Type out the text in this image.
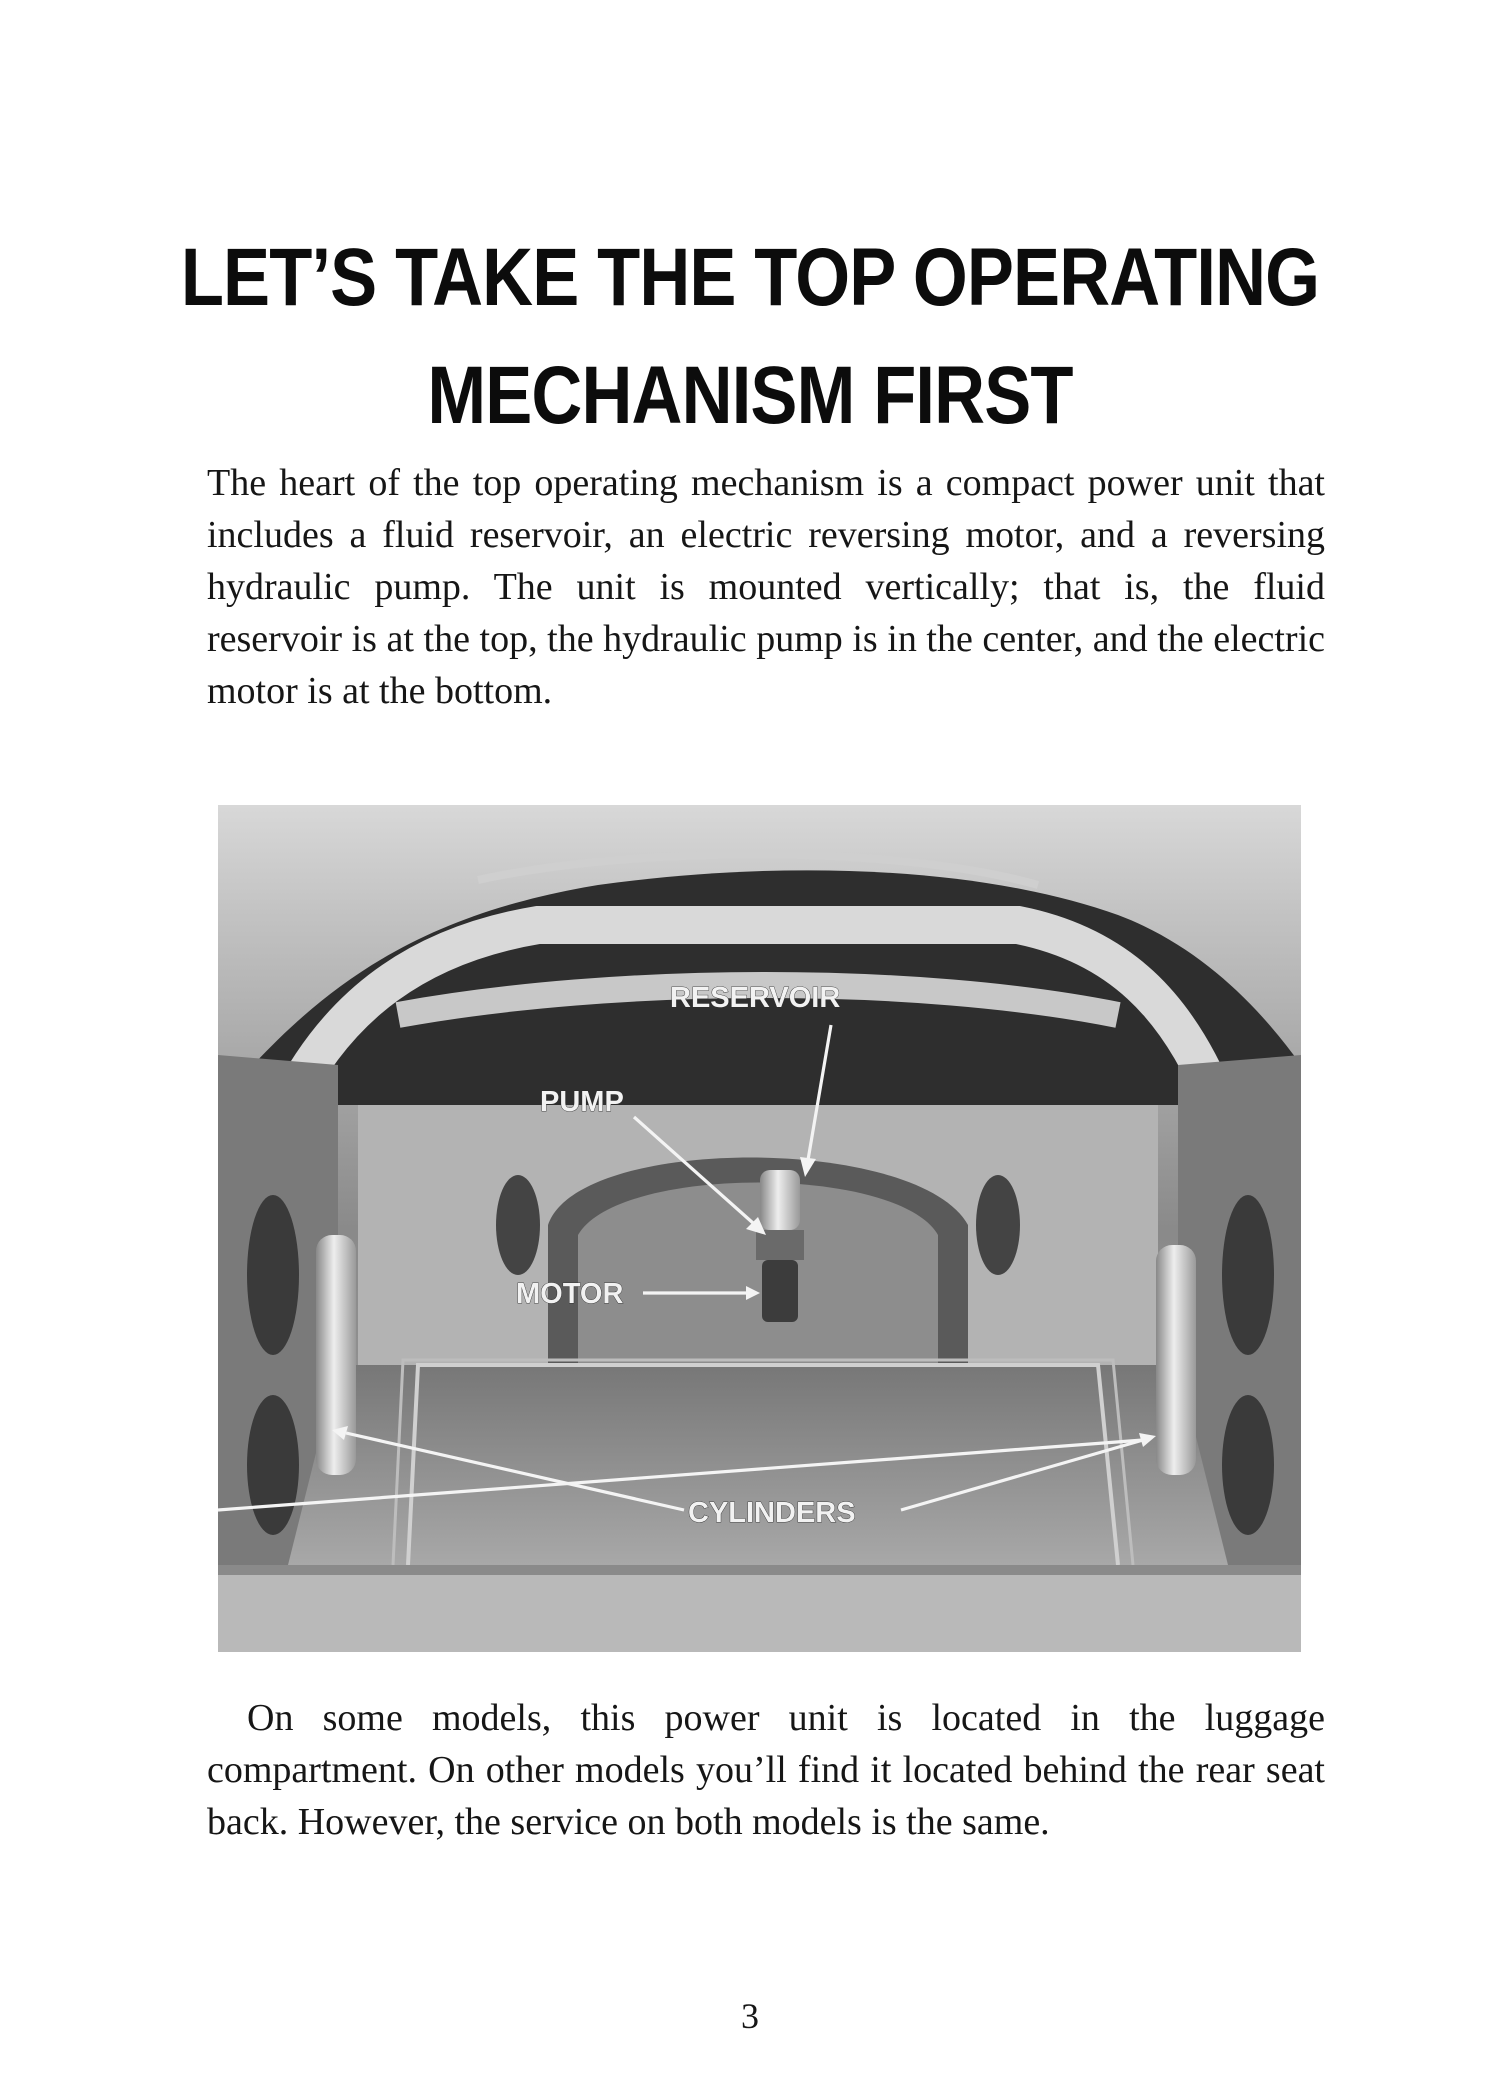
LET’S TAKE THE TOP OPERATING
MECHANISM FIRST

The heart of the top operating mechanism is a compact power unit that includes a fluid reservoir, an electric reversing motor, and a reversing hydraulic pump. The unit is mounted vertically; that is, the fluid reservoir is at the top, the hydraulic pump is in the center, and the electric motor is at the bottom.

RESERVOIR
PUMP
MOTOR
CYLINDERS

On some models, this power unit is located in the luggage compartment. On other models you’ll find it located behind the rear seat back. However, the service on both models is the same.

3
